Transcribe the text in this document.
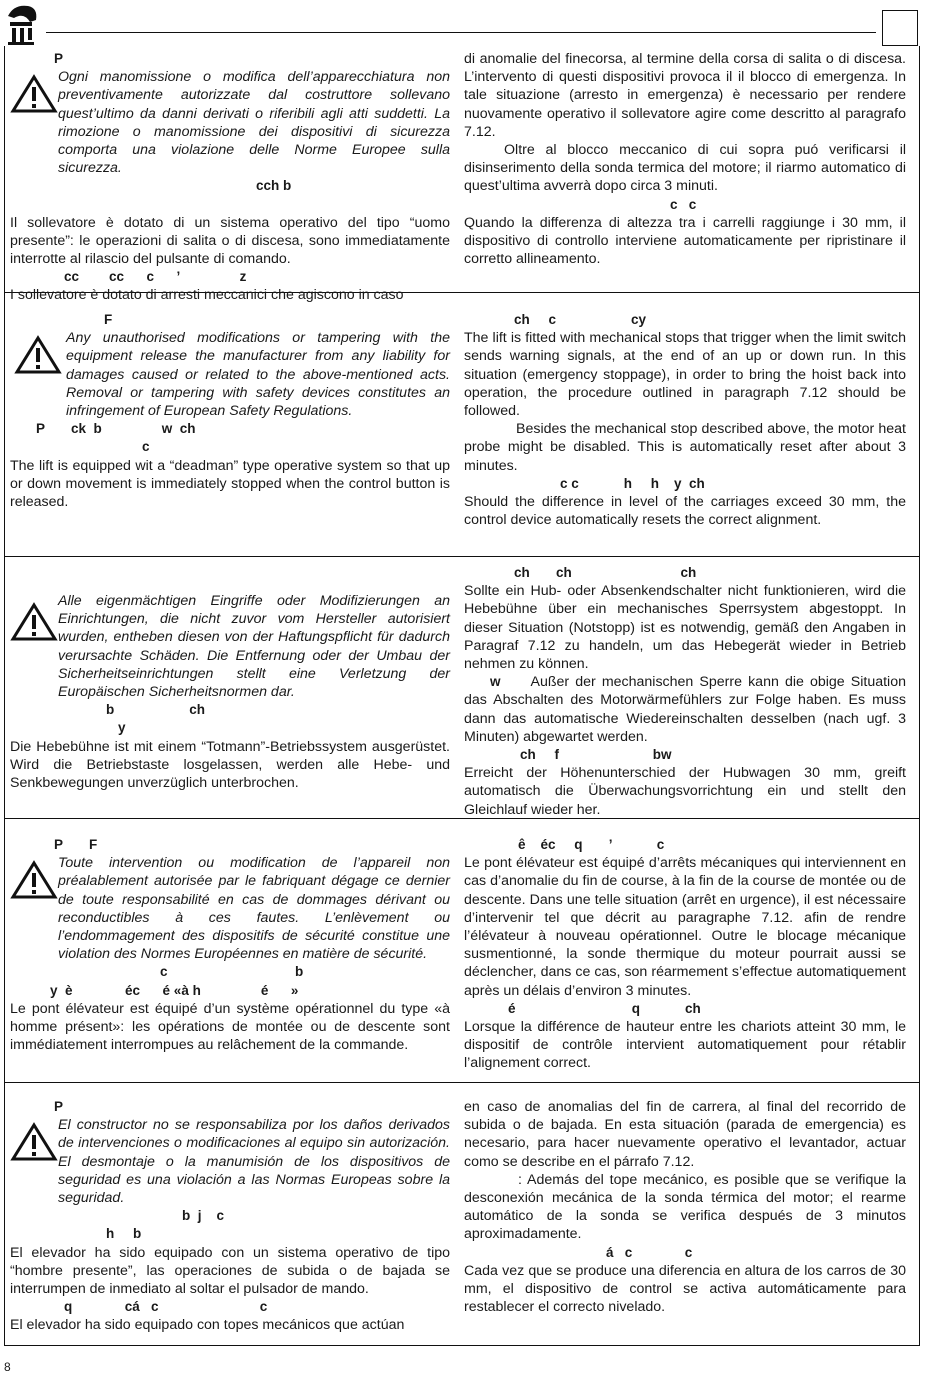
P
Ogni manomissione o modifica dell’apparecchiatura non preventivamente autorizzate dal costruttore sollevano quest’ultimo da danni derivati o riferibili agli atti suddetti. La rimozione o manomissione dei dispositivi di sicurezza comporta una violazione delle Norme Europee sulla sicurezza.
cch b
Il sollevatore è dotato di un sistema operativo del tipo “uomo presente”: le operazioni di salita o di discesa, sono immediatamente interrotte al rilascio del pulsante di comando.
cc        cc      c      ’                z
I sollevatore è dotato di arresti meccanici che agiscono in caso
di anomalie del finecorsa, al termine della corsa di salita o di discesa. L’intervento di questi dispositivi provoca il il blocco di emergenza. In tale situazione (arresto in emergenza) è necessario per rendere nuovamente operativo il sollevatore agire come descritto al paragrafo 7.12.
Oltre al blocco meccanico di cui sopra puó verificarsi il disinserimento della sonda termica del motore; il riarmo automatico di quest’ultima avverrà dopo circa 3 minuti.
c   c
Quando la differenza di altezza tra i carrelli raggiunge i 30 mm, il dispositivo di controllo interviene automaticamente per ripristinare il corretto allineamento.
F
Any unauthorised modifications or tampering with the equipment release the manufacturer from any liability for damages caused or related to the above-mentioned acts. Removal or tampering with safety devices constitutes an infringement of European Safety Regulations.
P       ck  b                w  ch
c
The lift is equipped wit a “deadman” type operative system so that up or down movement is immediately stopped when the control button is released.
ch     c                    cy
The lift is fitted with mechanical stops that trigger when the limit switch sends warning signals, at the end of an up or down run. In this situation (emergency stoppage), in order to bring the hoist back into operation, the procedure outlined in paragraph 7.12 should be followed.
Besides the mechanical stop described above, the motor heat probe might be disabled. This is automatically reset after about 3 minutes.
c c            h     h    y  ch
Should the difference in level of the carriages exceed 30 mm, the control device automatically resets the correct alignment.
Alle eigenmächtigen Eingriffe oder Modifizierungen an Einrichtungen, die nicht zuvor vom Hersteller autorisiert wurden, entheben diesen von der Haftungspflicht für dadurch verursachte Schäden. Die Entfernung oder der Umbau der Sicherheitseinrichtungen stellt eine Verletzung der Europäischen Sicherheitsnormen dar.
b                    ch
y
Die Hebebühne ist mit einem “Totmann”-Betriebssystem ausgerüstet. Wird die Betriebstaste losgelassen, werden alle Hebe- und Senkbewegungen unverzüglich unterbrochen.
ch       ch                             ch
Sollte ein Hub- oder Absenkendschalter nicht funktionieren, wird die Hebebühne über ein mechanisches Sperrsystem abgestoppt. In dieser Situation (Notstopp) ist es notwendig, gemäß den Angaben in Paragraf 7.12 zu handeln, um das Hebegerät wieder in Betrieb nehmen zu können.
w Außer der mechanischen Sperre kann die obige Situation das Abschalten des Motorwärmefühlers zur Folge haben. Es muss dann das automatische Wiedereinschalten desselben (nach ugf. 3 Minuten) abgewartet werden.
ch     f                         bw
Erreicht der Höhenunterschied der Hubwagen 30 mm, greift automatisch die Überwachungsvorrichtung ein und stellt den Gleichlauf wieder her.
P       F
Toute intervention ou modification de l’appareil non préalablement autorisée par le fabriquant dégage ce dernier de toute responsabilité en cas de dommages dérivant ou reconductibles à ces fautes. L’enlèvement ou l’endommagement des dispositifs de sécurité constitue une violation des Normes Européennes en matière de sécurité.
c                                  b
y  è              éc      é «à h                é      »
Le pont élévateur est équipé d’un système opérationnel du type «à homme présent»: les opérations de montée ou de descente sont immédiatement interrompues au relâchement de la commande.
ê    éc     q       ’            c
Le pont élévateur est équipé d’arrêts mécaniques qui interviennent en cas d’anomalie du fin de course, à la fin de la course de montée ou de descente. Dans une telle situation (arrêt en urgence), il est nécessaire d’intervenir tel que décrit au paragraphe 7.12. afin de rendre l’élévateur à nouveau opérationnel. Outre le blocage mécanique susmentionné, la sonde thermique du moteur pourrait aussi se déclencher, dans ce cas, son réarmement s’effectue automatiquement après un délais d’environ 3 minutes.
é                               q            ch
Lorsque la différence de hauteur entre les chariots atteint 30 mm, le dispositif de contrôle intervient automatiquement pour rétablir l’alignement correct.
P
El constructor no se responsabiliza por los daños derivados de intervenciones o modificaciones al equipo sin autorización. El desmontaje o la manumisión de los dispositivos de seguridad es una violación a las Normas Europeas sobre la seguridad.
b  j    c
h     b
El elevador ha sido equipado con un sistema operativo de tipo “hombre presente”, las operaciones de subida o de bajada se interrumpen de inmediato al soltar el pulsador de mando.
q              cá   c                           c
El elevador ha sido equipado con topes mecánicos que actúan
en caso de anomalias del fin de carrera, al final del recorrido de subida o de bajada. En esta situación (parada de emergencia) es necesario, para hacer nuevamente operativo el levantador, actuar como se describe en el párrafo 7.12.
: Además del tope mecánico, es posible que se verifique la desconexión mecánica de la sonda térmica del motor; el rearme automático de la sonda se verifica después de 3 minutos aproximadamente.
á   c              c
Cada vez que se produce una diferencia en altura de los carros de 30 mm, el dispositivo de control se activa automáticamente para restablecer el correcto nivelado.
8
